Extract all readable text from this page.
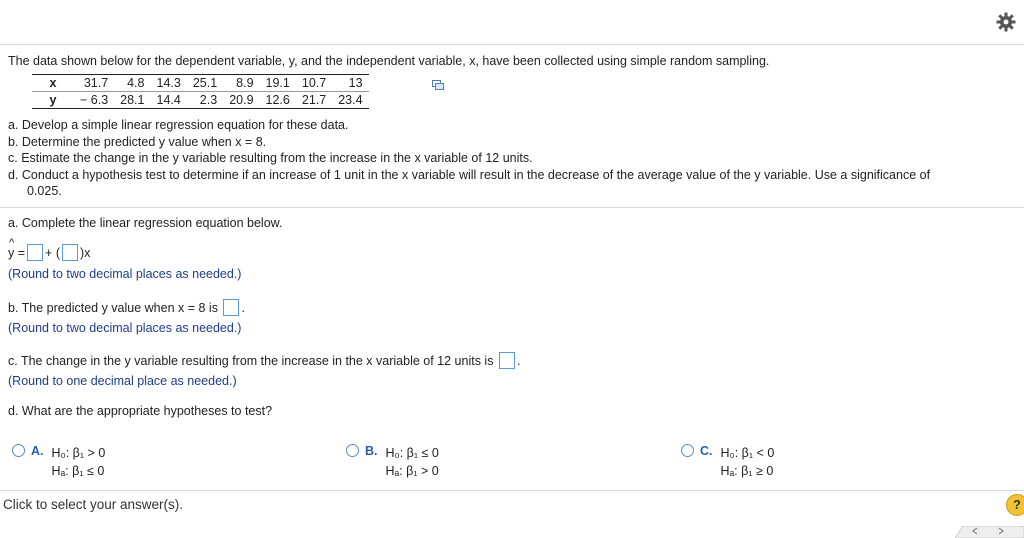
The data shown below for the dependent variable, y, and the independent variable, x, have been collected using simple random sampling.

x	31.7	4.8	14.3	25.1	8.9	19.1	10.7	13
y	− 6.3	28.1	14.4	2.3	20.9	12.6	21.7	23.4
a. Develop a simple linear regression equation for these data.
b. Determine the predicted y value when x = 8.
c. Estimate the change in the y variable resulting from the increase in the x variable of 12 units.
d. Conduct a hypothesis test to determine if an increase of 1 unit in the x variable will result in the decrease of the average value of the y variable. Use a significance of
0.025.
a. Complete the linear regression equation below.
^
y = + ( )x
(Round to two decimal places as needed.)
b. The predicted y value when x = 8 is .
(Round to two decimal places as needed.)
c. The change in the y variable resulting from the increase in the x variable of 12 units is .
(Round to one decimal place as needed.)
d. What are the appropriate hypotheses to test?
A. H₀: β₁ > 0
Hₐ: β₁ ≤ 0
B. H₀: β₁ ≤ 0
Hₐ: β₁ > 0
C. H₀: β₁ < 0
Hₐ: β₁ ≥ 0
Click to select your answer(s).	?
